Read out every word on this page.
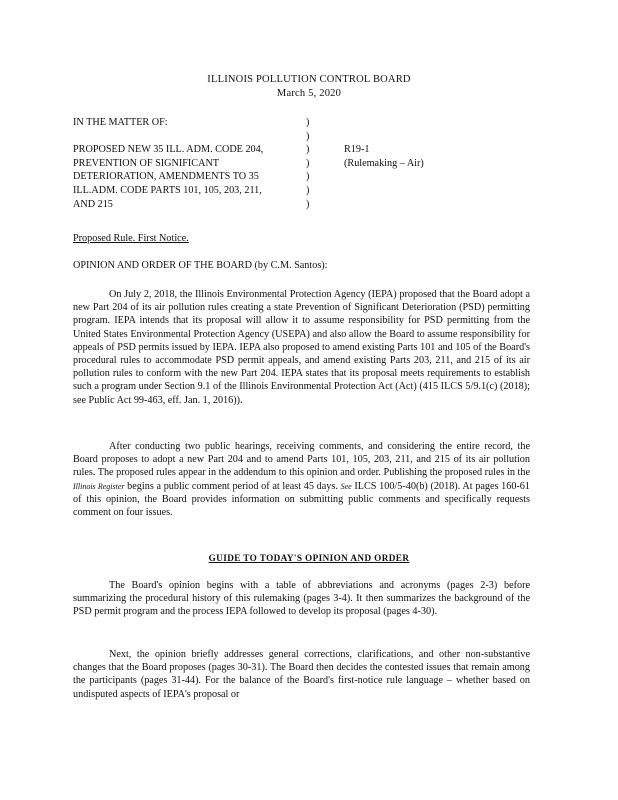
ILLINOIS POLLUTION CONTROL BOARD
March 5, 2020
IN THE MATTER OF:

PROPOSED NEW 35 ILL. ADM. CODE 204,
PREVENTION OF SIGNIFICANT
DETERIORATION, AMENDMENTS TO 35
ILL.ADM. CODE PARTS 101, 105, 203, 211,
AND 215
)
)
)
)
)
)
)
R19-1
(Rulemaking – Air)
Proposed Rule. First Notice.
OPINION AND ORDER OF THE BOARD (by C.M. Santos):

On July 2, 2018, the Illinois Environmental Protection Agency (IEPA) proposed that the Board adopt a new Part 204 of its air pollution rules creating a state Prevention of Significant Deterioration (PSD) permitting program. IEPA intends that its proposal will allow it to assume responsibility for PSD permitting from the United States Environmental Protection Agency (USEPA) and also allow the Board to assume responsibility for appeals of PSD permits issued by IEPA. IEPA also proposed to amend existing Parts 101 and 105 of the Board's procedural rules to accommodate PSD permit appeals, and amend existing Parts 203, 211, and 215 of its air pollution rules to conform with the new Part 204. IEPA states that its proposal meets requirements to establish such a program under Section 9.1 of the Illinois Environmental Protection Act (Act) (415 ILCS 5/9.1(c) (2018); see Public Act 99-463, eff. Jan. 1, 2016)).

After conducting two public hearings, receiving comments, and considering the entire record, the Board proposes to adopt a new Part 204 and to amend Parts 101, 105, 203, 211, and 215 of its air pollution rules. The proposed rules appear in the addendum to this opinion and order. Publishing the proposed rules in the Illinois Register begins a public comment period of at least 45 days. See ILCS 100/5-40(b) (2018). At pages 160-61 of this opinion, the Board provides information on submitting public comments and specifically requests comment on four issues.

GUIDE TO TODAY'S OPINION AND ORDER

The Board's opinion begins with a table of abbreviations and acronyms (pages 2-3) before summarizing the procedural history of this rulemaking (pages 3-4). It then summarizes the background of the PSD permit program and the process IEPA followed to develop its proposal (pages 4-30).

Next, the opinion briefly addresses general corrections, clarifications, and other non-substantive changes that the Board proposes (pages 30-31). The Board then decides the contested issues that remain among the participants (pages 31-44). For the balance of the Board's first-notice rule language – whether based on undisputed aspects of IEPA's proposal or
